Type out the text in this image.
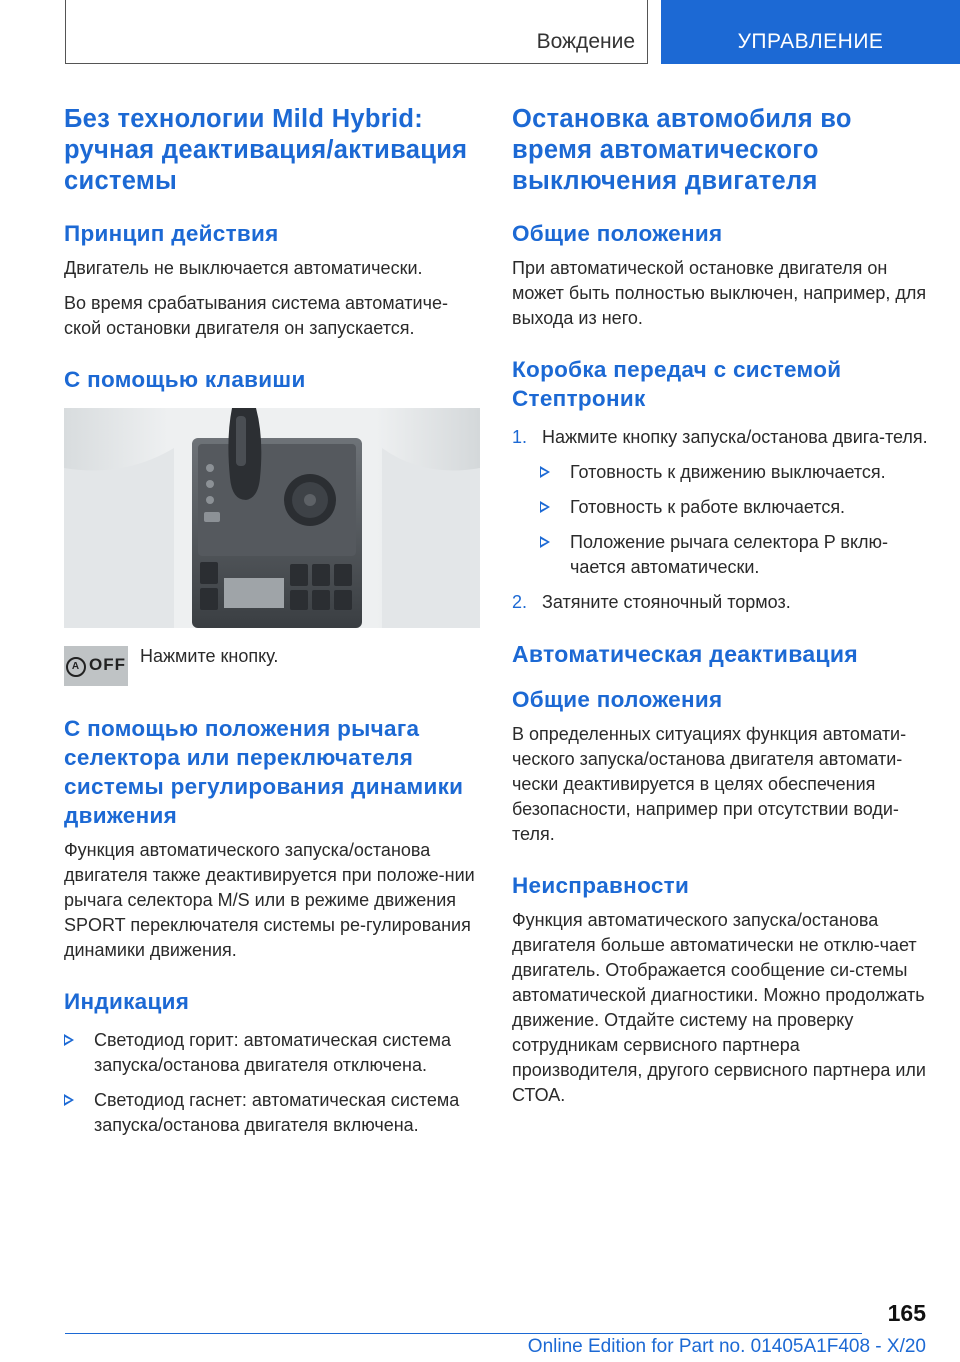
Вождение	УПРАВЛЕНИЕ
Без технологии Mild Hybrid: ручная деактивация/активация системы
Принцип действия

Двигатель не выключается автоматически.

Во время срабатывания система автоматиче-ской остановки двигателя он запускается.

С помощью клавиши
A OFF Нажмите кнопку.
С помощью положения рычага селектора или переключателя системы регулирования динамики движения

Функция автоматического запуска/останова двигателя также деактивируется при положе-нии рычага селектора M/S или в режиме движения SPORT переключателя системы ре-гулирования динамики движения.

Индикация
Светодиод горит: автоматическая система запуска/останова двигателя отключена.
Светодиод гаснет: автоматическая система запуска/останова двигателя включена.
Остановка автомобиля во время автоматического выключения двигателя
Общие положения

При автоматической остановке двигателя он может быть полностью выключен, например, для выхода из него.

Коробка передач с системой Стептроник
1. Нажмите кнопку запуска/останова двига-теля.
Готовность к движению выключается.
Готовность к работе включается.
Положение рычага селектора P вклю-чается автоматически.
2. Затяните стояночный тормоз.
Автоматическая деактивация
Общие положения

В определенных ситуациях функция автомати-ческого запуска/останова двигателя автомати-чески деактивируется в целях обеспечения безопасности, например при отсутствии води-теля.

Неисправности

Функция автоматического запуска/останова двигателя больше автоматически не отклю-чает двигатель. Отображается сообщение си-стемы автоматической диагностики. Можно продолжать движение. Отдайте систему на проверку сотрудникам сервисного партнера производителя, другого сервисного партнера или СТОА.

165
Online Edition for Part no. 01405A1F408 - X/20
